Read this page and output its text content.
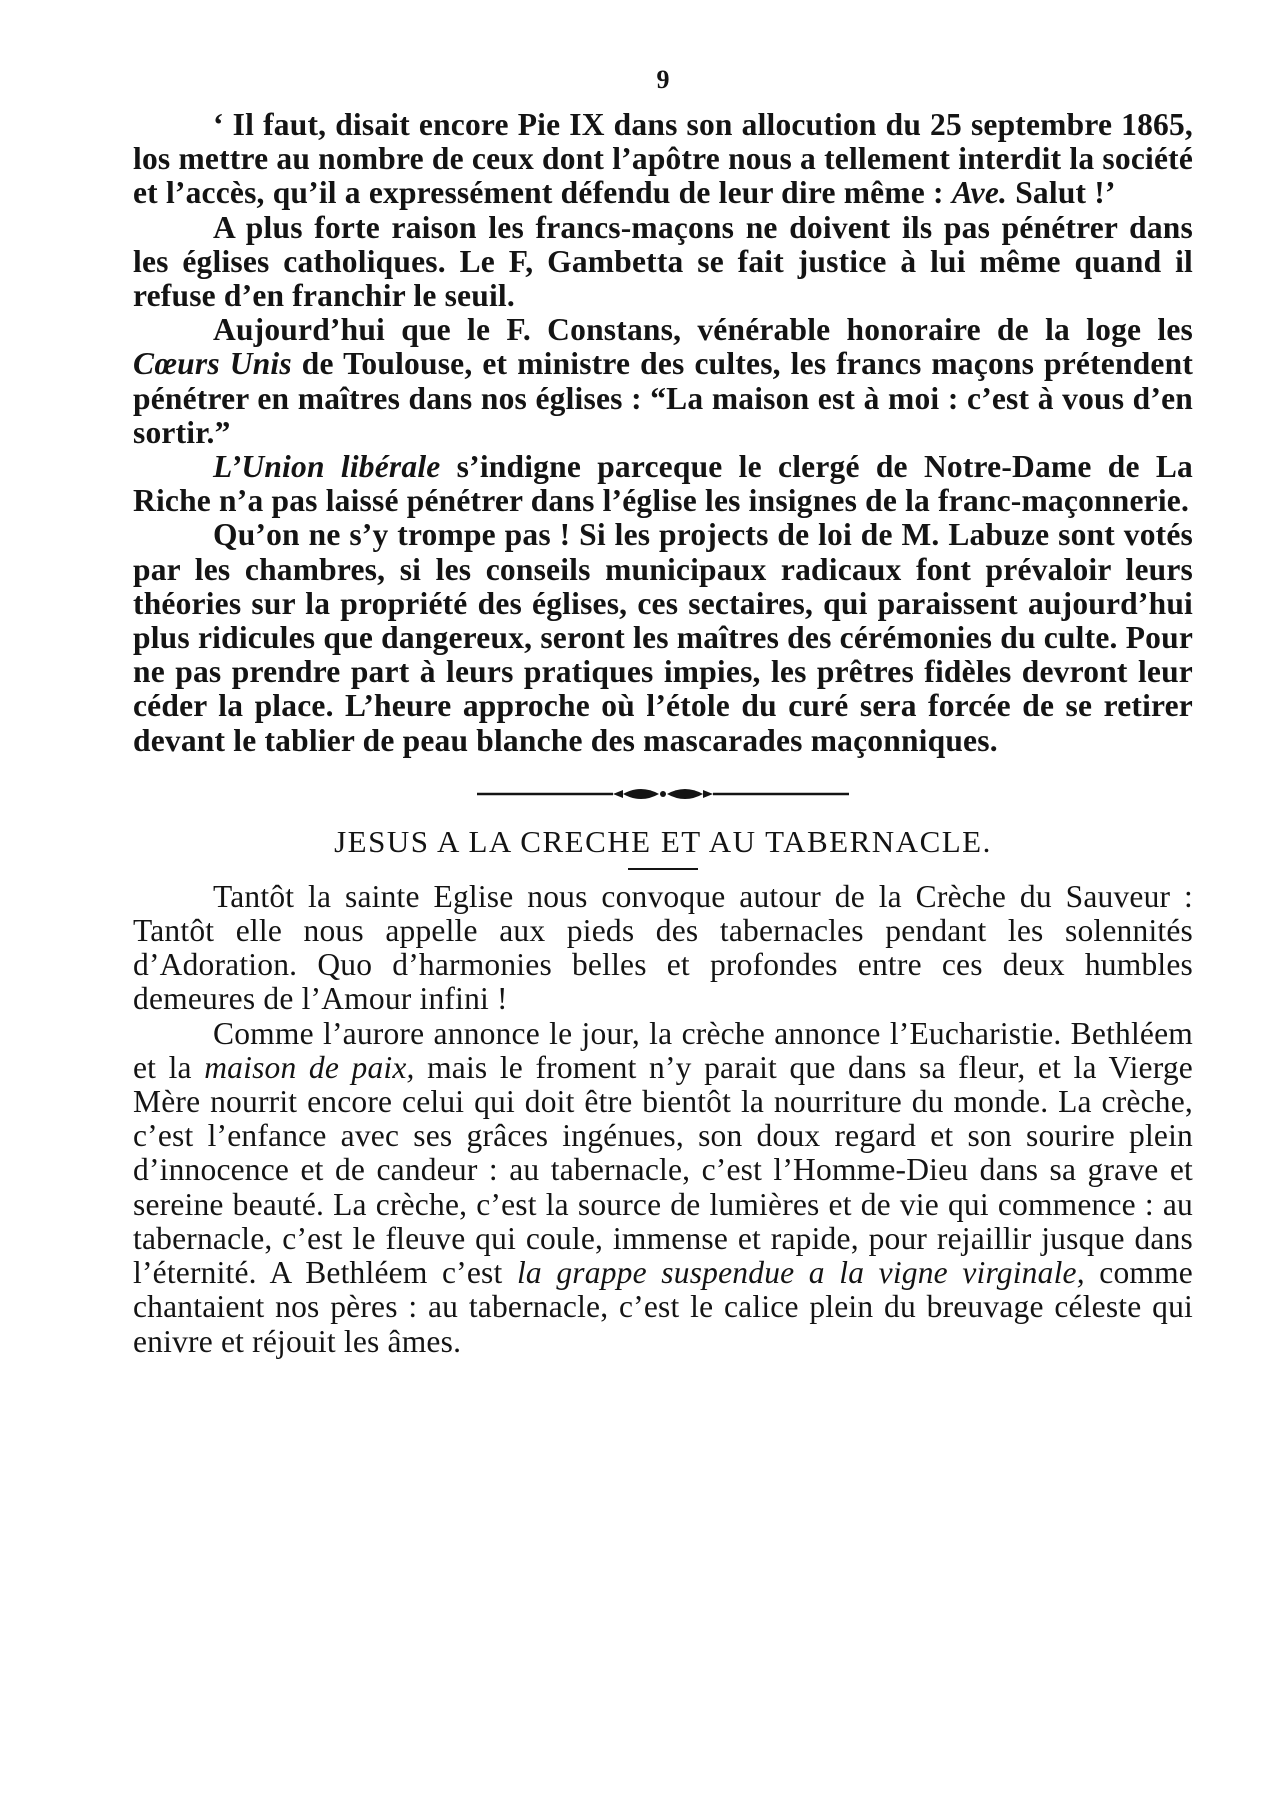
9

‘ Il faut, disait encore Pie IX dans son allocution du 25 septembre 1865, los mettre au nombre de ceux dont l’apôtre nous a tellement interdit la société et l’accès, qu’il a expressément défendu de leur dire même : Ave. Salut !’

A plus forte raison les francs-maçons ne doivent ils pas pénétrer dans les églises catholiques. Le F, Gambetta se fait justice à lui même quand il refuse d’en franchir le seuil.

Aujourd’hui que le F. Constans, vénérable honoraire de la loge les Cœurs Unis de Toulouse, et ministre des cultes, les francs maçons prétendent pénétrer en maîtres dans nos églises : “La maison est à moi : c’est à vous d’en sortir.”

L’Union libérale s’indigne parceque le clergé de Notre-Dame de La Riche n’a pas laissé pénétrer dans l’église les insignes de la franc-maçonnerie.

Qu’on ne s’y trompe pas ! Si les projects de loi de M. Labuze sont votés par les chambres, si les conseils municipaux radicaux font prévaloir leurs théories sur la propriété des églises, ces sectaires, qui paraissent aujourd’hui plus ridicules que dangereux, seront les maîtres des cérémonies du culte. Pour ne pas prendre part à leurs pratiques impies, les prêtres fidèles devront leur céder la place. L’heure approche où l’étole du curé sera forcée de se retirer devant le tablier de peau blanche des mascarades maçonniques.

JESUS A LA CRECHE ET AU TABERNACLE.

Tantôt la sainte Eglise nous convoque autour de la Crèche du Sauveur : Tantôt elle nous appelle aux pieds des tabernacles pendant les solennités d’Adoration. Quo d’harmonies belles et profondes entre ces deux humbles demeures de l’Amour infini !

Comme l’aurore annonce le jour, la crèche annonce l’Eucharistie. Bethléem et la maison de paix, mais le froment n’y parait que dans sa fleur, et la Vierge Mère nourrit encore celui qui doit être bientôt la nourriture du monde. La crèche, c’est l’enfance avec ses grâces ingénues, son doux regard et son sourire plein d’innocence et de candeur : au tabernacle, c’est l’Homme-Dieu dans sa grave et sereine beauté. La crèche, c’est la source de lumières et de vie qui commence : au tabernacle, c’est le fleuve qui coule, immense et rapide, pour rejaillir jusque dans l’éternité. A Bethléem c’est la grappe suspendue a la vigne virginale, comme chantaient nos pères : au tabernacle, c’est le calice plein du breuvage céleste qui enivre et réjouit les âmes.
